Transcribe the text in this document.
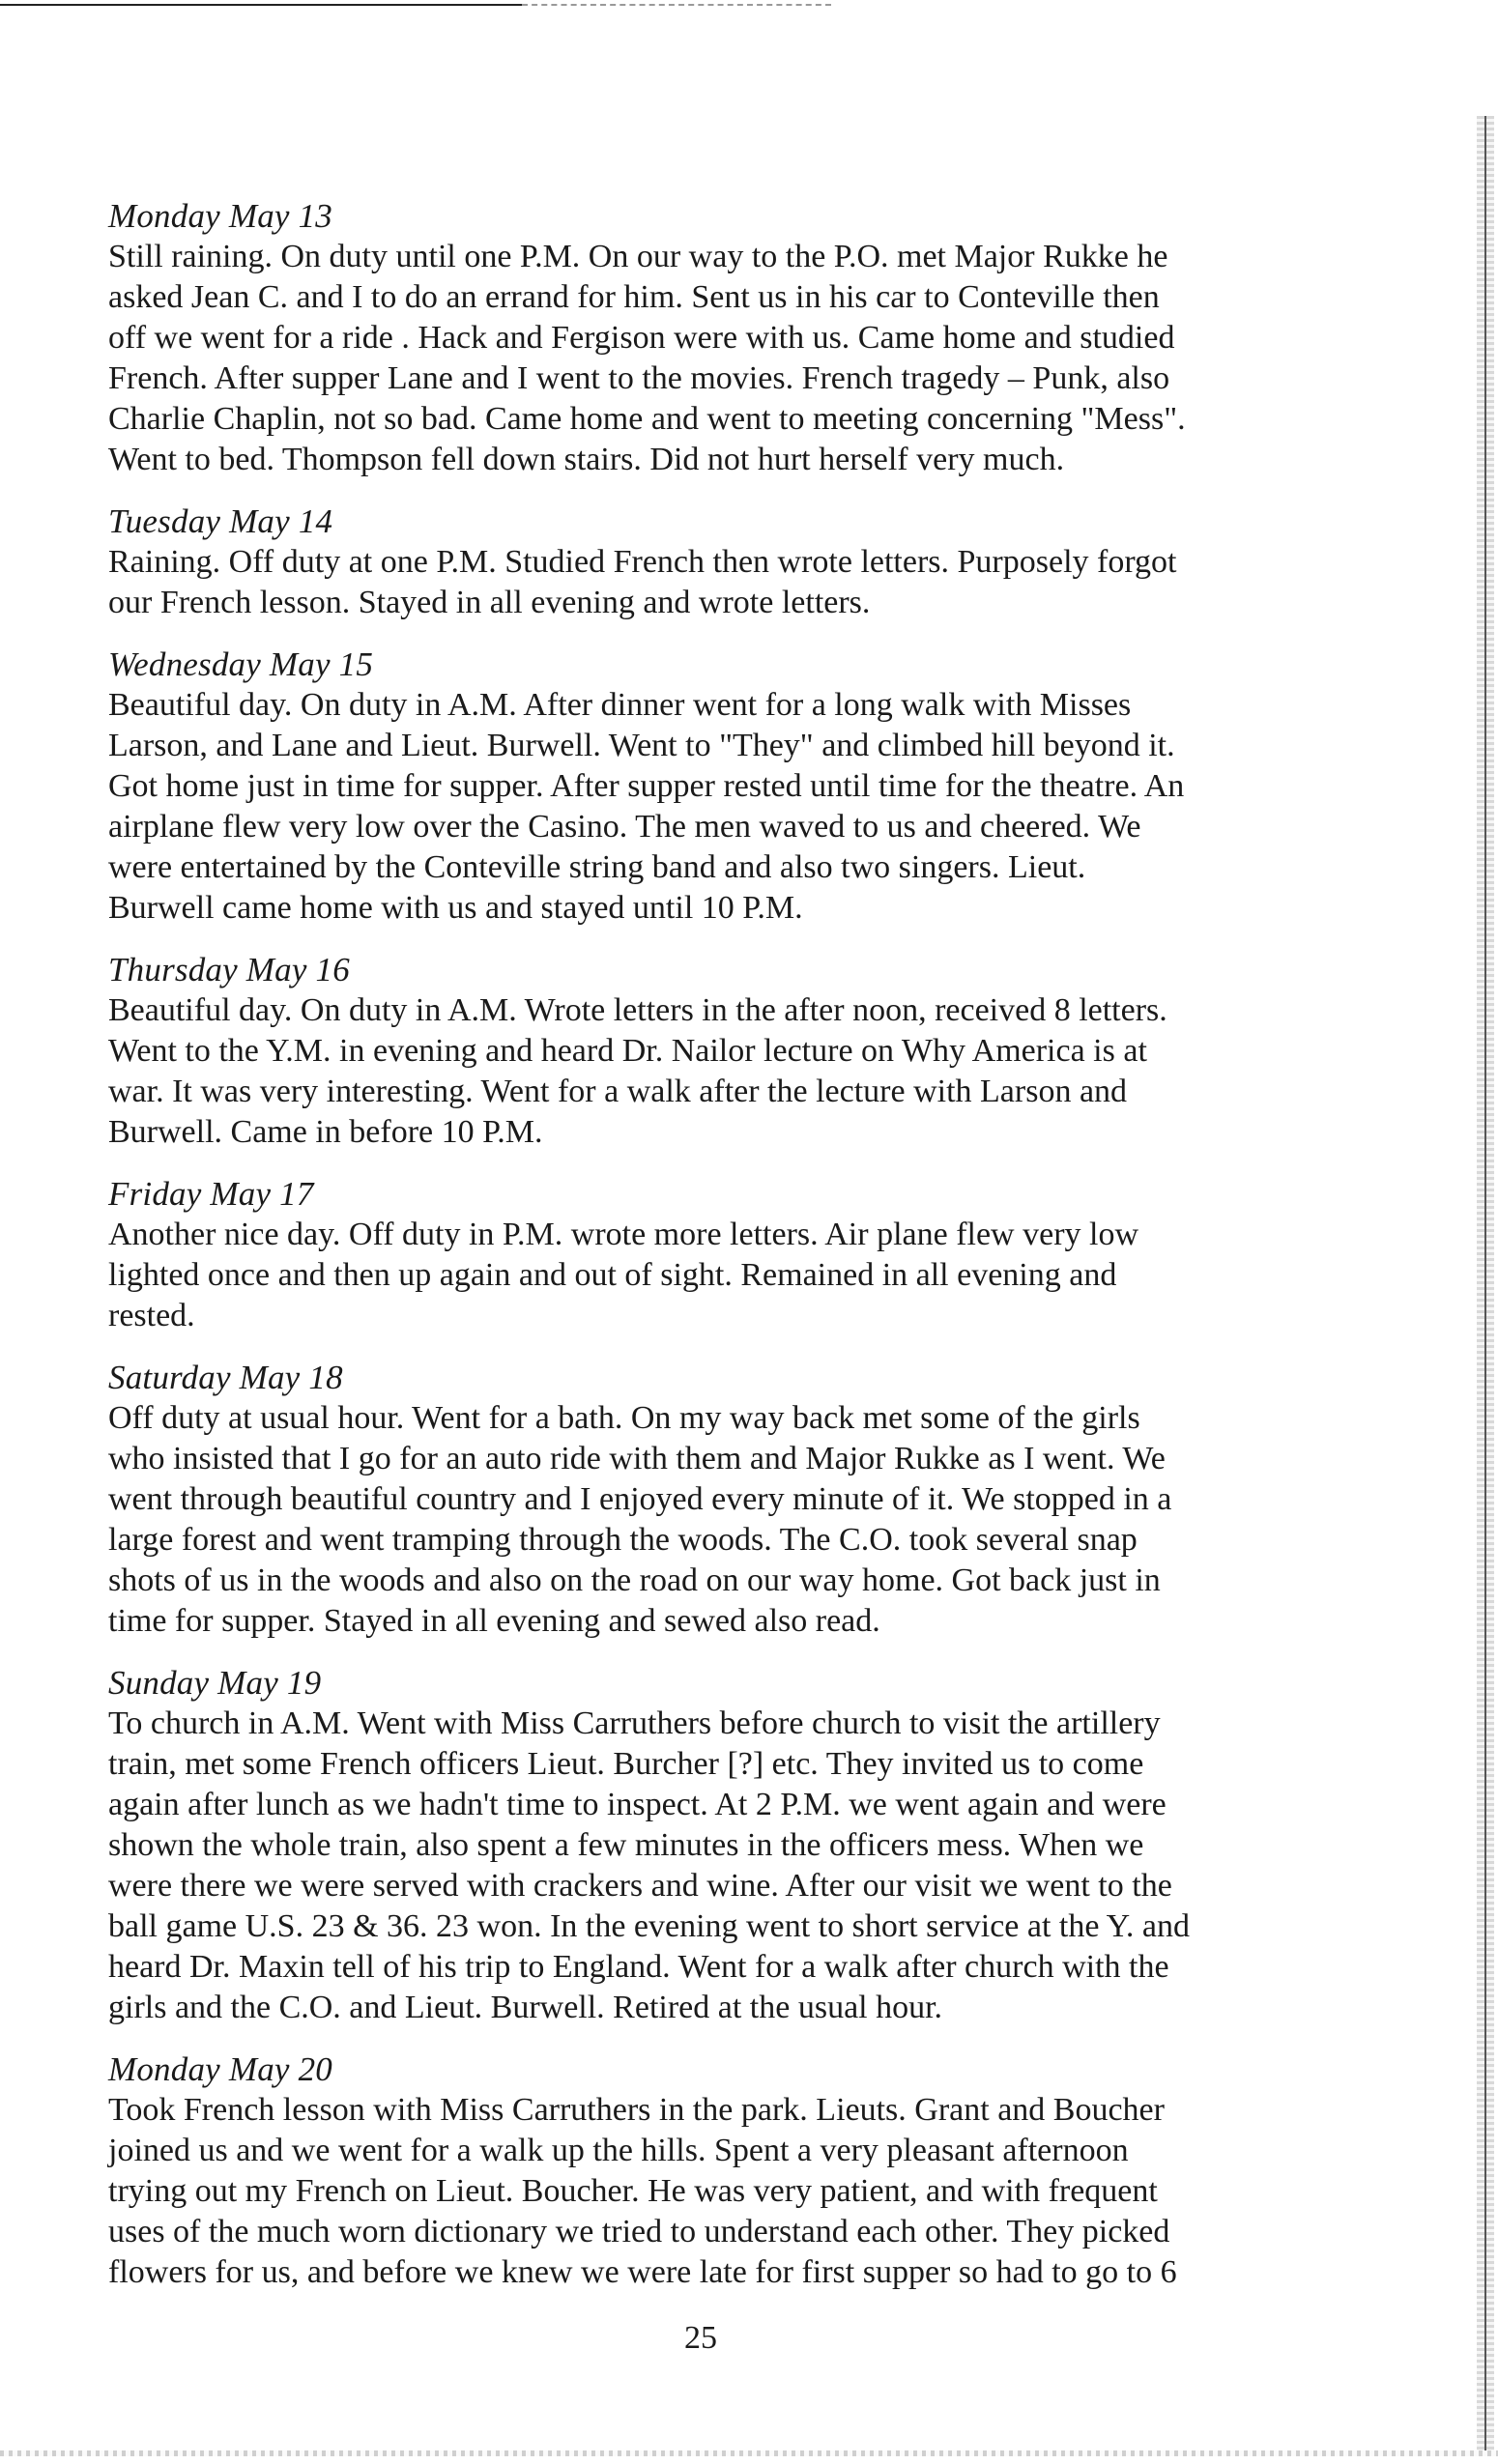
Monday May 13

Still raining. On duty until one P.M. On our way to the P.O. met Major Rukke he
asked Jean C. and I to do an errand for him. Sent us in his car to Conteville then
off we went for a ride . Hack and Fergison were with us. Came home and studied
French. After supper Lane and I went to the movies. French tragedy – Punk, also
Charlie Chaplin, not so bad. Came home and went to meeting concerning "Mess".
Went to bed. Thompson fell down stairs. Did not hurt herself very much.

Tuesday May 14

Raining. Off duty at one P.M. Studied French then wrote letters. Purposely forgot
our French lesson. Stayed in all evening and wrote letters.

Wednesday May 15

Beautiful day. On duty in A.M. After dinner went for a long walk with Misses
Larson, and Lane and Lieut. Burwell. Went to "They" and climbed hill beyond it.
Got home just in time for supper. After supper rested until time for the theatre. An
airplane flew very low over the Casino. The men waved to us and cheered. We
were entertained by the Conteville string band and also two singers. Lieut.
Burwell came home with us and stayed until 10 P.M.

Thursday May 16

Beautiful day. On duty in A.M. Wrote letters in the after noon, received 8 letters.
Went to the Y.M. in evening and heard Dr. Nailor lecture on Why America is at
war. It was very interesting. Went for a walk after the lecture with Larson and
Burwell. Came in before 10 P.M.

Friday May 17

Another nice day. Off duty in P.M. wrote more letters. Air plane flew very low
lighted once and then up again and out of sight. Remained in all evening and
rested.

Saturday May 18

Off duty at usual hour. Went for a bath. On my way back met some of the girls
who insisted that I go for an auto ride with them and Major Rukke as I went. We
went through beautiful country and I enjoyed every minute of it. We stopped in a
large forest and went tramping through the woods. The C.O. took several snap
shots of us in the woods and also on the road on our way home. Got back just in
time for supper. Stayed in all evening and sewed also read.

Sunday May 19

To church in A.M. Went with Miss Carruthers before church to visit the artillery
train, met some French officers Lieut. Burcher [?] etc. They invited us to come
again after lunch as we hadn't time to inspect. At 2 P.M. we went again and were
shown the whole train, also spent a few minutes in the officers mess. When we
were there we were served with crackers and wine. After our visit we went to the
ball game U.S. 23 & 36. 23 won. In the evening went to short service at the Y. and
heard Dr. Maxin tell of his trip to England. Went for a walk after church with the
girls and the C.O. and Lieut. Burwell. Retired at the usual hour.

Monday May 20

Took French lesson with Miss Carruthers in the park. Lieuts. Grant and Boucher
joined us and we went for a walk up the hills. Spent a very pleasant afternoon
trying out my French on Lieut. Boucher. He was very patient, and with frequent
uses of the much worn dictionary we tried to understand each other. They picked
flowers for us, and before we knew we were late for first supper so had to go to 6

25
